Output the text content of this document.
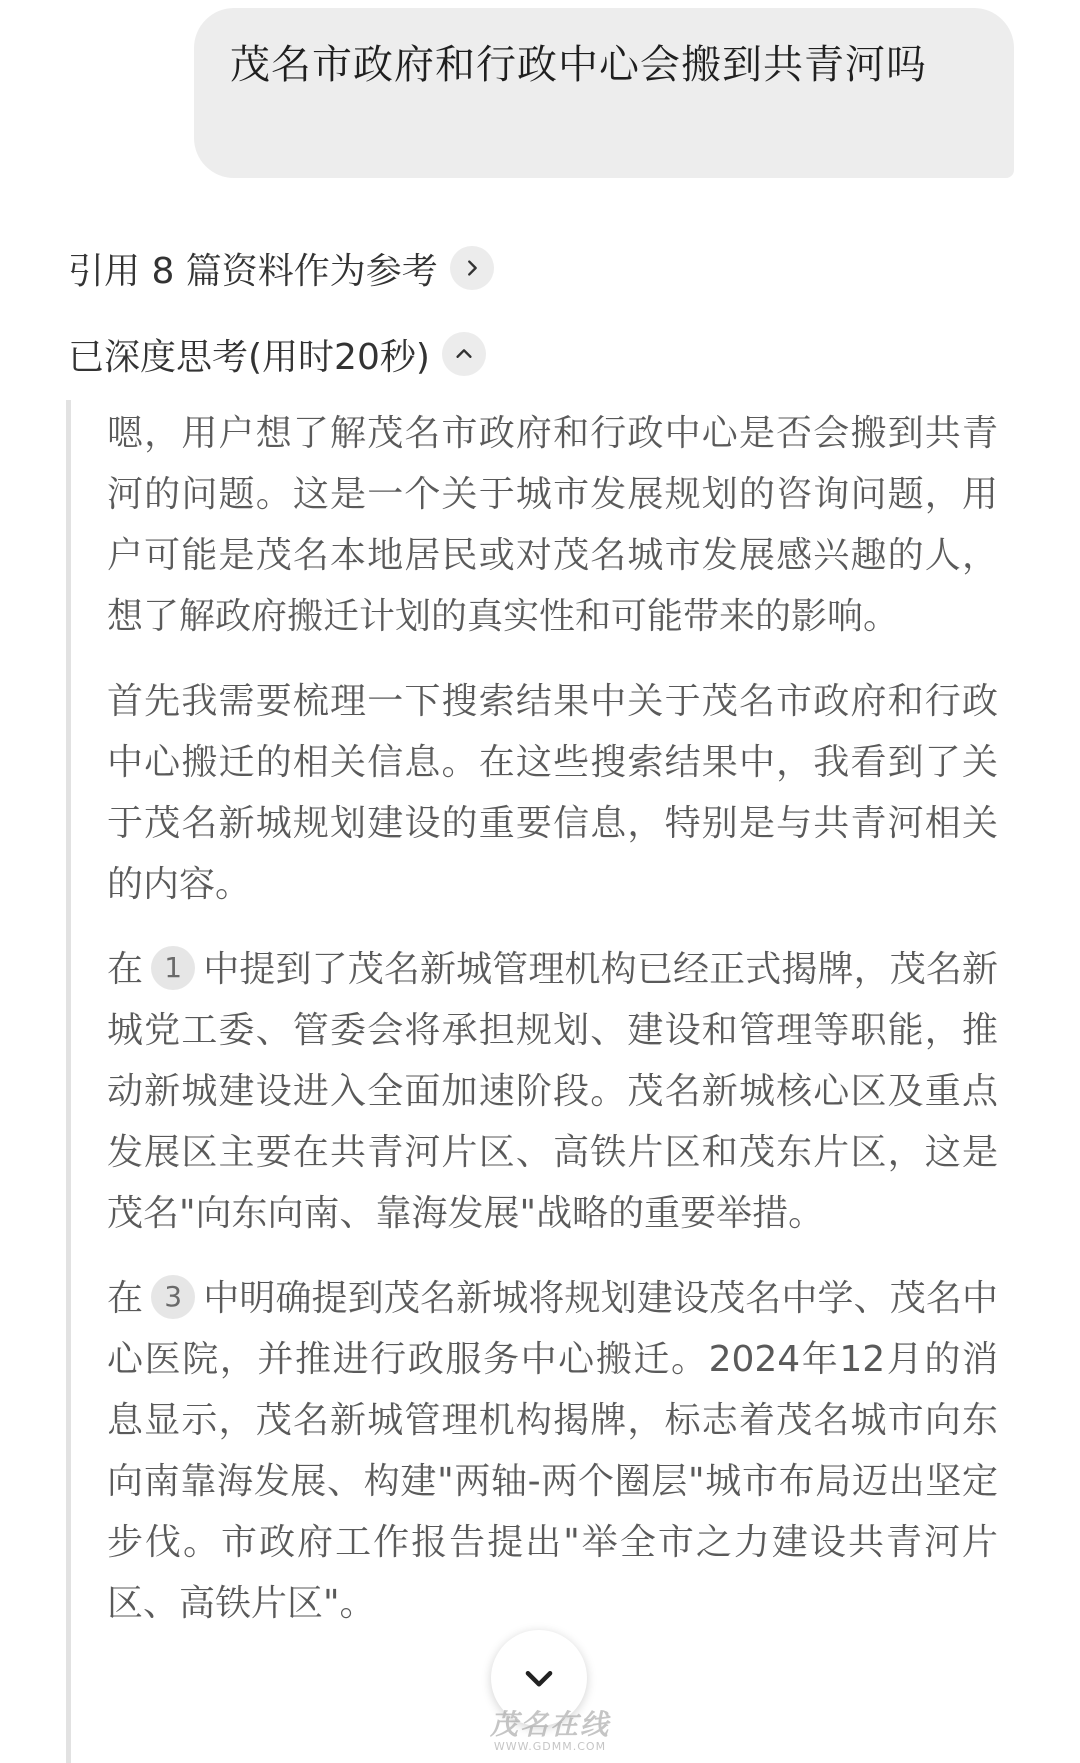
茂名市政府和行政中心会搬到共青河吗
引用 8 篇资料作为参考
已深度思考(用时20秒)

嗯，用户想了解茂名市政府和行政中心是否会搬到共青河的问题。这是一个关于城市发展规划的咨询问题，用户可能是茂名本地居民或对茂名城市发展感兴趣的人，想了解政府搬迁计划的真实性和可能带来的影响。

首先我需要梳理一下搜索结果中关于茂名市政府和行政中心搬迁的相关信息。在这些搜索结果中，我看到了关于茂名新城规划建设的重要信息，特别是与共青河相关的内容。

在 1 中提到了茂名新城管理机构已经正式揭牌，茂名新城党工委、管委会将承担规划、建设和管理等职能，推动新城建设进入全面加速阶段。茂名新城核心区及重点发展区主要在共青河片区、高铁片区和茂东片区，这是茂名"向东向南、靠海发展"战略的重要举措。

在 3 中明确提到茂名新城将规划建设茂名中学、茂名中心医院，并推进行政服务中心搬迁。2024年12月的消息显示，茂名新城管理机构揭牌，标志着茂名城市向东向南靠海发展、构建"两轴-两个圈层"城市布局迈出坚定步伐。市政府工作报告提出"举全市之力建设共青河片区、高铁片区"。

茂名在线
WWW.GDMM.COM
